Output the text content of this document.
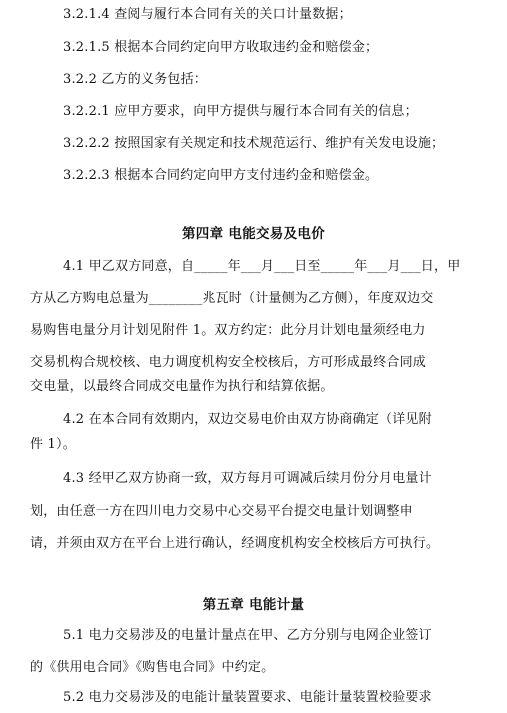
3.2.1.4 查阅与履行本合同有关的关口计量数据；
3.2.1.5 根据本合同约定向甲方收取违约金和赔偿金；
3.2.2 乙方的义务包括：
3.2.2.1 应甲方要求，向甲方提供与履行本合同有关的信息；
3.2.2.2 按照国家有关规定和技术规范运行、维护有关发电设施；
3.2.2.3 根据本合同约定向甲方支付违约金和赔偿金。
第四章 电能交易及电价
4.1 甲乙双方同意，自_____年___月___日至_____年___月___日，甲
方从乙方购电总量为________兆瓦时（计量侧为乙方侧），年度双边交
易购售电量分月计划见附件 1。双方约定：此分月计划电量须经电力
交易机构合规校核、电力调度机构安全校核后，方可形成最终合同成
交电量，以最终合同成交电量作为执行和结算依据。
4.2 在本合同有效期内，双边交易电价由双方协商确定（详见附
件 1）。
4.3 经甲乙双方协商一致，双方每月可调减后续月份分月电量计
划，由任意一方在四川电力交易中心交易平台提交电量计划调整申
请，并须由双方在平台上进行确认，经调度机构安全校核后方可执行。
第五章 电能计量
5.1 电力交易涉及的电量计量点在甲、乙方分别与电网企业签订
的《供用电合同》《购售电合同》中约定。
5.2 电力交易涉及的电能计量装置要求、电能计量装置校验要求
